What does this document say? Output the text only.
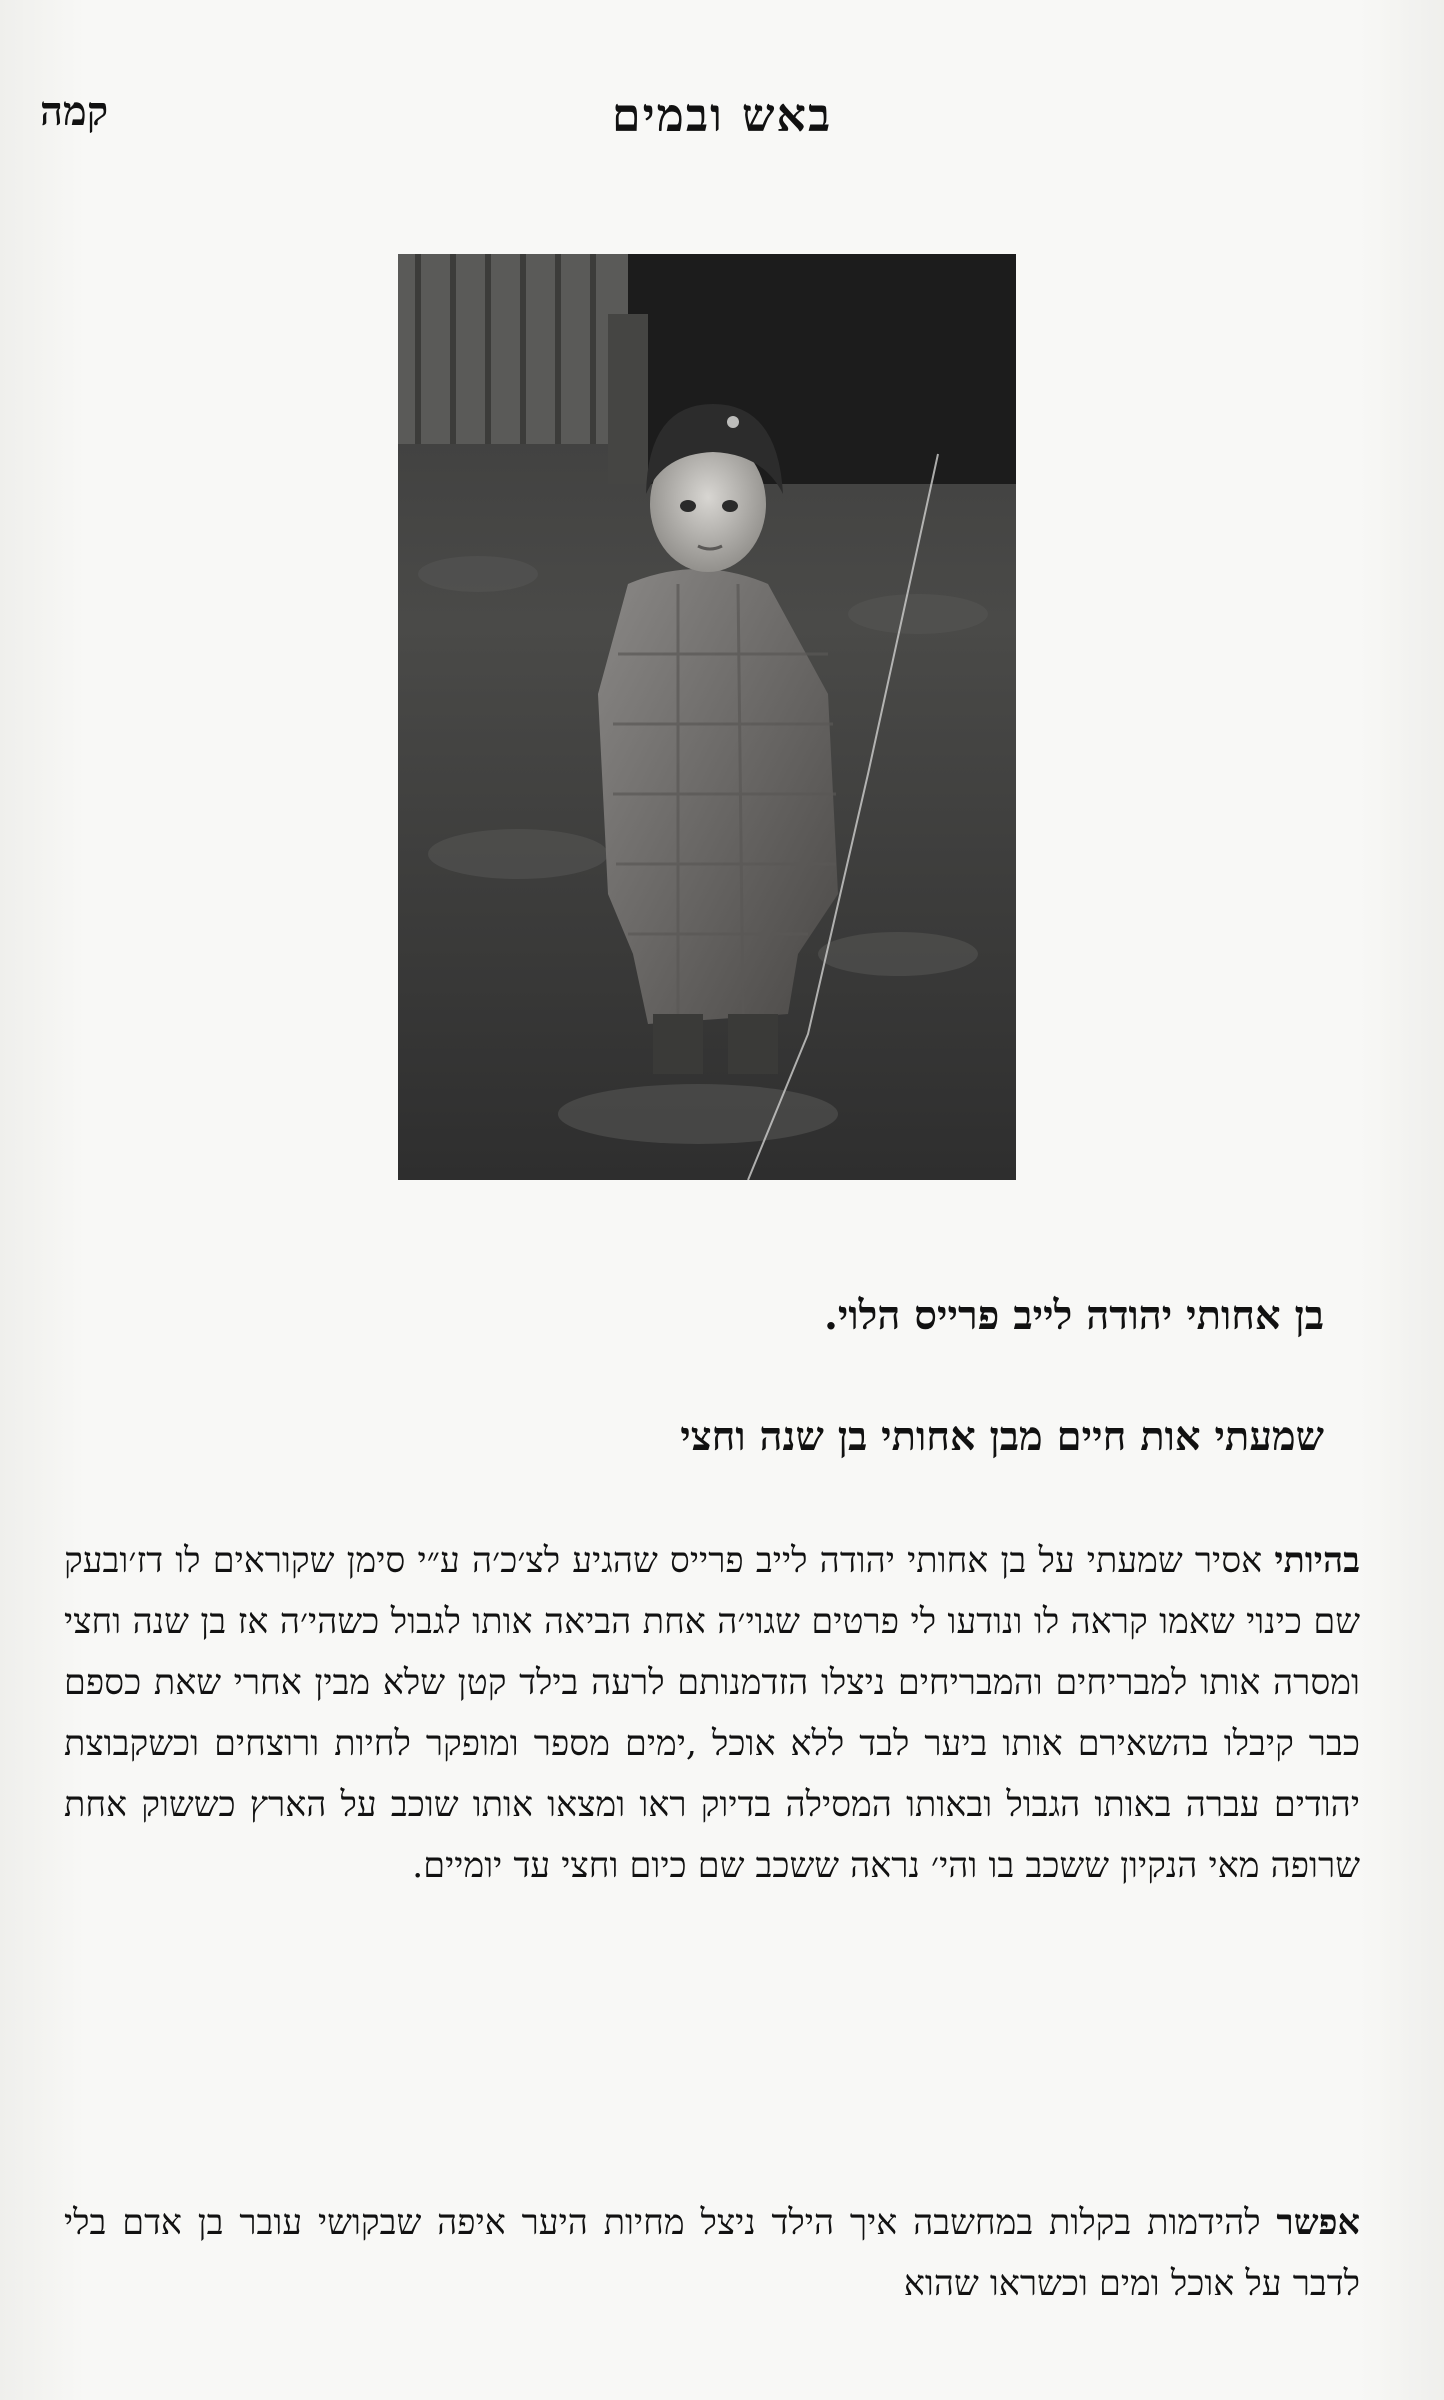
קמה	באש ובמים
בן אחותי יהודה לייב פרייס הלוי.
שמעתי אות חיים מבן אחותי בן שנה וחצי
בהיותי אסיר שמעתי על בן אחותי יהודה לייב פרייס שהגיע לצ׳כ׳ה ע״י סימן שקוראים לו דז׳ובעק שם כינוי שאמו קראה לו ונודעו לי פרטים שגוי׳ה אחת הביאה אותו לגבול כשהי׳ה אז בן שנה וחצי ומסרה אותו למבריחים והמבריחים ניצלו הזדמנותם לרעה בילד קטן שלא מבין אחרי שאת כספם כבר קיבלו בהשאירם אותו ביער לבד ללא אוכל ,ימים מספר ומופקר לחיות ורוצחים וכשקבוצת יהודים עברה באותו הגבול ובאותו המסילה בדיוק ראו ומצאו אותו שוכב על הארץ כששוק אחת שרופה מאי הנקיון ששכב בו והי׳ נראה ששכב שם כיום וחצי עד יומיים.
אפשר להידמות בקלות במחשבה איך הילד ניצל מחיות היער איפה שבקושי עובר בן אדם בלי לדבר על אוכל ומים וכשראו שהוא
